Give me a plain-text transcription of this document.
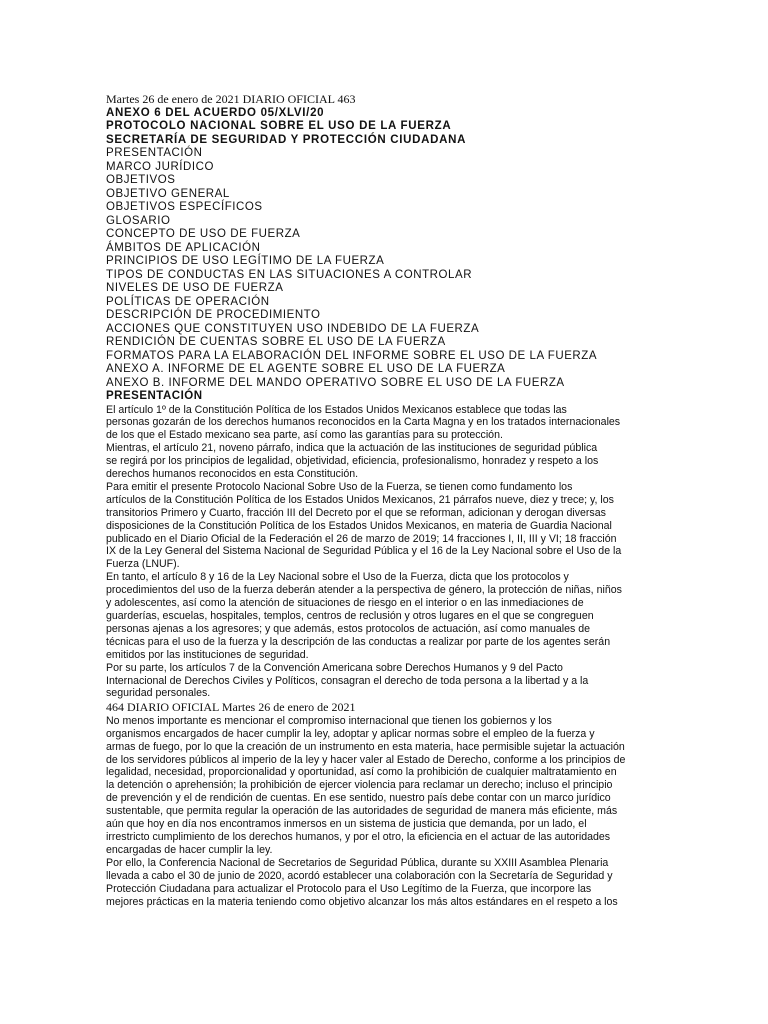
Martes 26 de enero de 2021 DIARIO OFICIAL 463
ANEXO 6 DEL ACUERDO 05/XLVI/20
PROTOCOLO NACIONAL SOBRE EL USO DE LA FUERZA
SECRETARÍA DE SEGURIDAD Y PROTECCIÓN CIUDADANA
PRESENTACIÓN
MARCO JURÍDICO
OBJETIVOS
OBJETIVO GENERAL
OBJETIVOS ESPECÍFICOS
GLOSARIO
CONCEPTO DE USO DE FUERZA
ÁMBITOS DE APLICACIÓN
PRINCIPIOS DE USO LEGÍTIMO DE LA FUERZA
TIPOS DE CONDUCTAS EN LAS SITUACIONES A CONTROLAR
NIVELES DE USO DE FUERZA
POLÍTICAS DE OPERACIÓN
DESCRIPCIÓN DE PROCEDIMIENTO
ACCIONES QUE CONSTITUYEN USO INDEBIDO DE LA FUERZA
RENDICIÓN DE CUENTAS SOBRE EL USO DE LA FUERZA
FORMATOS PARA LA ELABORACIÓN DEL INFORME SOBRE EL USO DE LA FUERZA
ANEXO A. INFORME DE EL AGENTE SOBRE EL USO DE LA FUERZA
ANEXO B. INFORME DEL MANDO OPERATIVO SOBRE EL USO DE LA FUERZA
PRESENTACIÓN
El artículo 1º de la Constitución Política de los Estados Unidos Mexicanos establece que todas las
personas gozarán de los derechos humanos reconocidos en la Carta Magna y en los tratados internacionales
de los que el Estado mexicano sea parte, así como las garantías para su protección.
Mientras, el artículo 21, noveno párrafo, indica que la actuación de las instituciones de seguridad pública
se regirá por los principios de legalidad, objetividad, eficiencia, profesionalismo, honradez y respeto a los
derechos humanos reconocidos en esta Constitución.
Para emitir el presente Protocolo Nacional Sobre Uso de la Fuerza, se tienen como fundamento los
artículos de la Constitución Política de los Estados Unidos Mexicanos, 21 párrafos nueve, diez y trece; y, los
transitorios Primero y Cuarto, fracción III del Decreto por el que se reforman, adicionan y derogan diversas
disposiciones de la Constitución Política de los Estados Unidos Mexicanos, en materia de Guardia Nacional
publicado en el Diario Oficial de la Federación el 26 de marzo de 2019; 14 fracciones I, II, III y VI; 18 fracción
IX de la Ley General del Sistema Nacional de Seguridad Pública y el 16 de la Ley Nacional sobre el Uso de la
Fuerza (LNUF).
En tanto, el artículo 8 y 16 de la Ley Nacional sobre el Uso de la Fuerza, dicta que los protocolos y
procedimientos del uso de la fuerza deberán atender a la perspectiva de género, la protección de niñas, niños
y adolescentes, así como la atención de situaciones de riesgo en el interior o en las inmediaciones de
guarderías, escuelas, hospitales, templos, centros de reclusión y otros lugares en el que se congreguen
personas ajenas a los agresores; y que además, estos protocolos de actuación, así como manuales de
técnicas para el uso de la fuerza y la descripción de las conductas a realizar por parte de los agentes serán
emitidos por las instituciones de seguridad.
Por su parte, los artículos 7 de la Convención Americana sobre Derechos Humanos y 9 del Pacto
Internacional de Derechos Civiles y Políticos, consagran el derecho de toda persona a la libertad y a la
seguridad personales.
464 DIARIO OFICIAL Martes 26 de enero de 2021
No menos importante es mencionar el compromiso internacional que tienen los gobiernos y los
organismos encargados de hacer cumplir la ley, adoptar y aplicar normas sobre el empleo de la fuerza y
armas de fuego, por lo que la creación de un instrumento en esta materia, hace permisible sujetar la actuación
de los servidores públicos al imperio de la ley y hacer valer al Estado de Derecho, conforme a los principios de
legalidad, necesidad, proporcionalidad y oportunidad, así como la prohibición de cualquier maltratamiento en
la detención o aprehensión; la prohibición de ejercer violencia para reclamar un derecho; incluso el principio
de prevención y el de rendición de cuentas. En ese sentido, nuestro país debe contar con un marco jurídico
sustentable, que permita regular la operación de las autoridades de seguridad de manera más eficiente, más
aún que hoy en día nos encontramos inmersos en un sistema de justicia que demanda, por un lado, el
irrestricto cumplimiento de los derechos humanos, y por el otro, la eficiencia en el actuar de las autoridades
encargadas de hacer cumplir la ley.
Por ello, la Conferencia Nacional de Secretarios de Seguridad Pública, durante su XXIII Asamblea Plenaria
llevada a cabo el 30 de junio de 2020, acordó establecer una colaboración con la Secretaría de Seguridad y
Protección Ciudadana para actualizar el Protocolo para el Uso Legítimo de la Fuerza, que incorpore las
mejores prácticas en la materia teniendo como objetivo alcanzar los más altos estándares en el respeto a los
